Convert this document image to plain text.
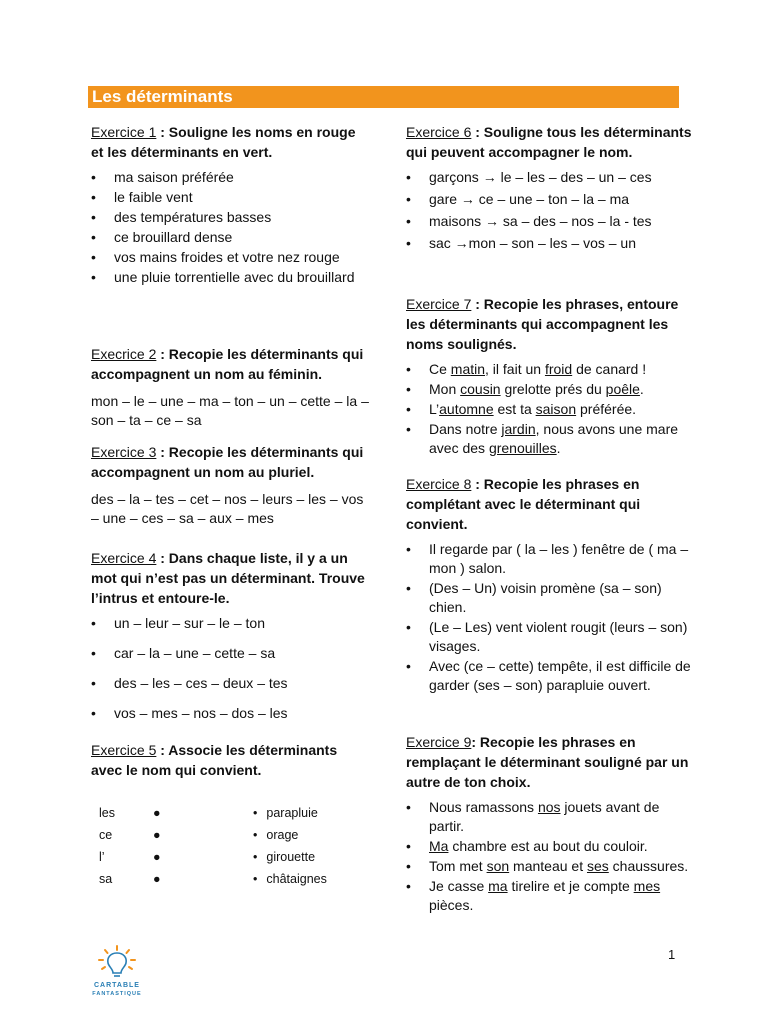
Les déterminants

Exercice 1 : Souligne les noms en rouge et les déterminants en vert.

• ma saison préférée
• le faible vent
• des températures basses
• ce brouillard dense
• vos mains froides et votre nez rouge
• une pluie torrentielle avec du brouillard

Execrice 2 : Recopie les déterminants qui accompagnent un nom au féminin.

mon – le – une – ma – ton – un – cette – la – son – ta – ce – sa

Exercice 3 : Recopie les déterminants qui accompagnent un nom au pluriel.

des – la – tes – cet – nos – leurs – les – vos – une – ces – sa – aux – mes

Exercice 4 : Dans chaque liste, il y a un mot qui n’est pas un déterminant. Trouve l’intrus et entoure-le.

• un – leur – sur – le – ton
• car – la – une – cette – sa
• des – les – ces – deux – tes
• vos – mes – nos – dos – les

Exercice 5 : Associe les déterminants avec le nom qui convient.

les	●	• parapluie
ce	●	• orage
l’	●	• girouette
sa	●	• châtaignes

Exercice 6 : Souligne tous les déterminants qui peuvent accompagner le nom.

• garçons → le – les – des – un – ces
• gare → ce – une – ton – la – ma
• maisons → sa – des – nos – la - tes
• sac →mon – son – les – vos – un

Exercice 7 : Recopie les phrases, entoure les déterminants qui accompagnent les noms soulignés.

• Ce matin, il fait un froid de canard !
• Mon cousin grelotte prés du poêle.
• L’automne est ta saison préférée.
• Dans notre jardin, nous avons une mare avec des grenouilles.

Exercice 8 : Recopie les phrases en complétant avec le déterminant qui convient.

• Il regarde par ( la – les ) fenêtre de ( ma – mon ) salon.
• (Des – Un) voisin promène (sa – son) chien.
• (Le – Les) vent violent rougit (leurs – son) visages.
• Avec (ce – cette) tempête, il est difficile de garder (ses – son) parapluie ouvert.

Exercice 9: Recopie les phrases en remplaçant le déterminant souligné par un autre de ton choix.

• Nous ramassons nos jouets avant de partir.
• Ma chambre est au bout du couloir.
• Tom met son manteau et ses chaussures.
• Je casse ma tirelire et je compte mes pièces.
CARTABLE
FANTASTIQUE
1
